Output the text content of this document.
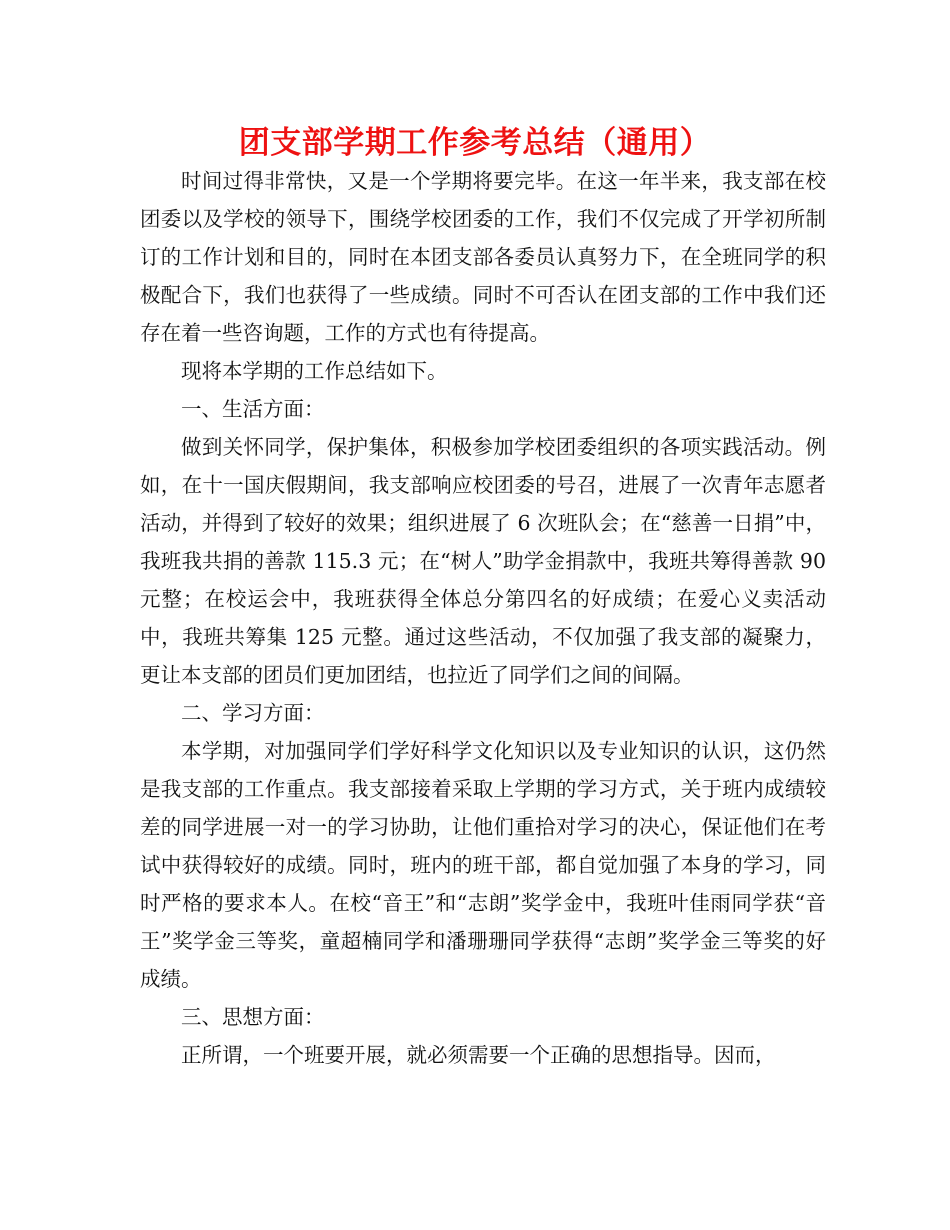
团支部学期工作参考总结（通用）

时间过得非常快，又是一个学期将要完毕。在这一年半来，我支部在校团委以及学校的领导下，围绕学校团委的工作，我们不仅完成了开学初所制订的工作计划和目的，同时在本团支部各委员认真努力下，在全班同学的积极配合下，我们也获得了一些成绩。同时不可否认在团支部的工作中我们还存在着一些咨询题，工作的方式也有待提高。

现将本学期的工作总结如下。

一、生活方面：

做到关怀同学，保护集体，积极参加学校团委组织的各项实践活动。例如，在十一国庆假期间，我支部响应校团委的号召，进展了一次青年志愿者活动，并得到了较好的效果；组织进展了 6 次班队会；在“慈善一日捐”中，我班我共捐的善款 115.3 元；在“树人”助学金捐款中，我班共筹得善款 90 元整；在校运会中，我班获得全体总分第四名的好成绩；在爱心义卖活动中，我班共筹集 125 元整。通过这些活动，不仅加强了我支部的凝聚力，更让本支部的团员们更加团结，也拉近了同学们之间的间隔。

二、学习方面：

本学期，对加强同学们学好科学文化知识以及专业知识的认识，这仍然是我支部的工作重点。我支部接着采取上学期的学习方式，关于班内成绩较差的同学进展一对一的学习协助，让他们重拾对学习的决心，保证他们在考试中获得较好的成绩。同时，班内的班干部，都自觉加强了本身的学习，同时严格的要求本人。在校“音王”和“志朗”奖学金中，我班叶佳雨同学获“音王”奖学金三等奖，童超楠同学和潘珊珊同学获得“志朗”奖学金三等奖的好成绩。

三、思想方面：

正所谓，一个班要开展，就必须需要一个正确的思想指导。因而，
